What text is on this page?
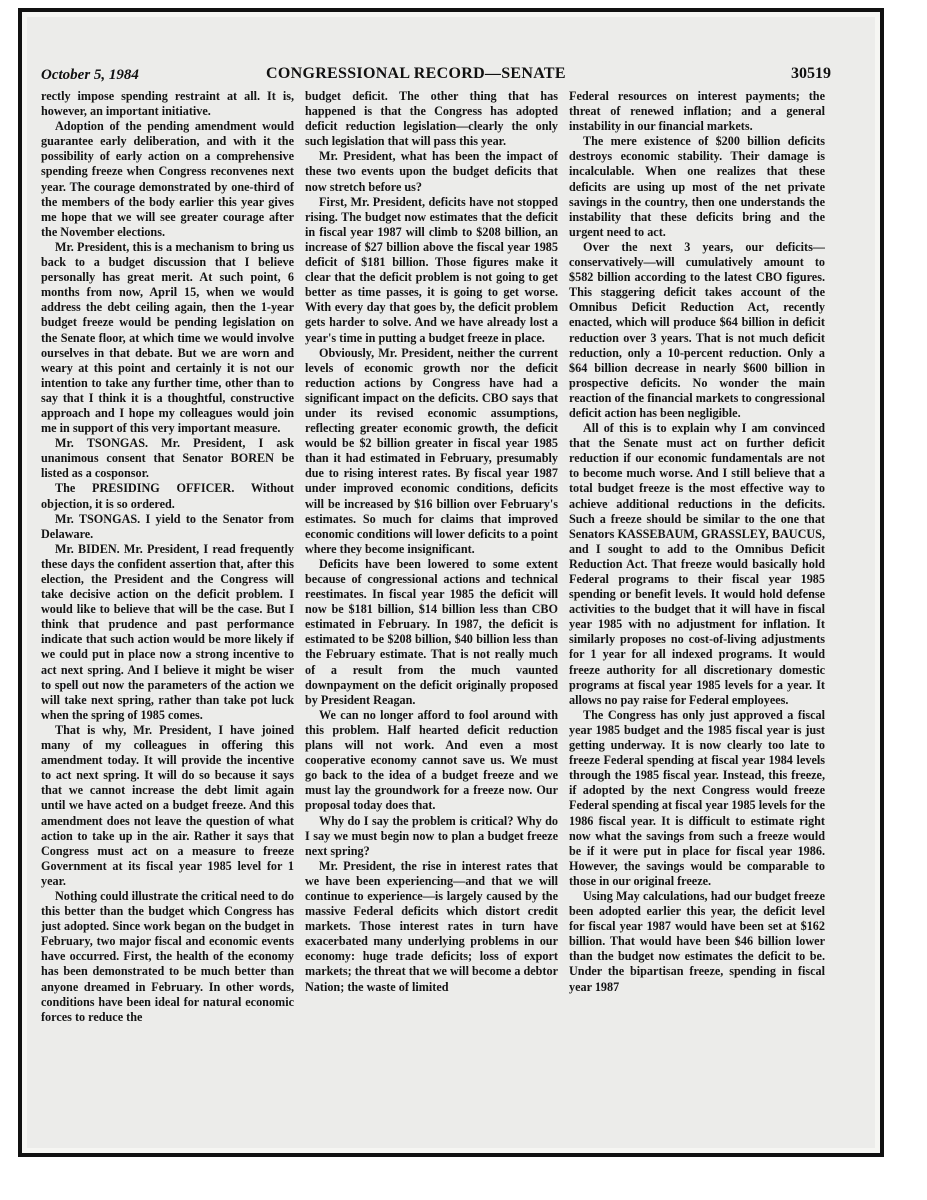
October 5, 1984	CONGRESSIONAL RECORD—SENATE	30519

rectly impose spending restraint at all. It is, however, an important initiative.

Adoption of the pending amendment would guarantee early deliberation, and with it the possibility of early action on a comprehensive spending freeze when Congress reconvenes next year. The courage demonstrated by one-third of the members of the body earlier this year gives me hope that we will see greater courage after the November elections.

Mr. President, this is a mechanism to bring us back to a budget discussion that I believe personally has great merit. At such point, 6 months from now, April 15, when we would address the debt ceiling again, then the 1-year budget freeze would be pending legislation on the Senate floor, at which time we would involve ourselves in that debate. But we are worn and weary at this point and certainly it is not our intention to take any further time, other than to say that I think it is a thoughtful, constructive approach and I hope my colleagues would join me in support of this very important measure.

Mr. TSONGAS. Mr. President, I ask unanimous consent that Senator BOREN be listed as a cosponsor.

The PRESIDING OFFICER. Without objection, it is so ordered.

Mr. TSONGAS. I yield to the Senator from Delaware.

Mr. BIDEN. Mr. President, I read frequently these days the confident assertion that, after this election, the President and the Congress will take decisive action on the deficit problem. I would like to believe that will be the case. But I think that prudence and past performance indicate that such action would be more likely if we could put in place now a strong incentive to act next spring. And I believe it might be wiser to spell out now the parameters of the action we will take next spring, rather than take pot luck when the spring of 1985 comes.

That is why, Mr. President, I have joined many of my colleagues in offering this amendment today. It will provide the incentive to act next spring. It will do so because it says that we cannot increase the debt limit again until we have acted on a budget freeze. And this amendment does not leave the question of what action to take up in the air. Rather it says that Congress must act on a measure to freeze Government at its fiscal year 1985 level for 1 year.

Nothing could illustrate the critical need to do this better than the budget which Congress has just adopted. Since work began on the budget in February, two major fiscal and economic events have occurred. First, the health of the economy has been demonstrated to be much better than anyone dreamed in February. In other words, conditions have been ideal for natural economic forces to reduce the

budget deficit. The other thing that has happened is that the Congress has adopted deficit reduction legislation—clearly the only such legislation that will pass this year.

Mr. President, what has been the impact of these two events upon the budget deficits that now stretch before us?

First, Mr. President, deficits have not stopped rising. The budget now estimates that the deficit in fiscal year 1987 will climb to $208 billion, an increase of $27 billion above the fiscal year 1985 deficit of $181 billion. Those figures make it clear that the deficit problem is not going to get better as time passes, it is going to get worse. With every day that goes by, the deficit problem gets harder to solve. And we have already lost a year's time in putting a budget freeze in place.

Obviously, Mr. President, neither the current levels of economic growth nor the deficit reduction actions by Congress have had a significant impact on the deficits. CBO says that under its revised economic assumptions, reflecting greater economic growth, the deficit would be $2 billion greater in fiscal year 1985 than it had estimated in February, presumably due to rising interest rates. By fiscal year 1987 under improved economic conditions, deficits will be increased by $16 billion over February's estimates. So much for claims that improved economic conditions will lower deficits to a point where they become insignificant.

Deficits have been lowered to some extent because of congressional actions and technical reestimates. In fiscal year 1985 the deficit will now be $181 billion, $14 billion less than CBO estimated in February. In 1987, the deficit is estimated to be $208 billion, $40 billion less than the February estimate. That is not really much of a result from the much vaunted downpayment on the deficit originally proposed by President Reagan.

We can no longer afford to fool around with this problem. Half hearted deficit reduction plans will not work. And even a most cooperative economy cannot save us. We must go back to the idea of a budget freeze and we must lay the groundwork for a freeze now. Our proposal today does that.

Why do I say the problem is critical? Why do I say we must begin now to plan a budget freeze next spring?

Mr. President, the rise in interest rates that we have been experiencing—and that we will continue to experience—is largely caused by the massive Federal deficits which distort credit markets. Those interest rates in turn have exacerbated many underlying problems in our economy: huge trade deficits; loss of export markets; the threat that we will become a debtor Nation; the waste of limited

Federal resources on interest payments; the threat of renewed inflation; and a general instability in our financial markets.

The mere existence of $200 billion deficits destroys economic stability. Their damage is incalculable. When one realizes that these deficits are using up most of the net private savings in the country, then one understands the instability that these deficits bring and the urgent need to act.

Over the next 3 years, our deficits—conservatively—will cumulatively amount to $582 billion according to the latest CBO figures. This staggering deficit takes account of the Omnibus Deficit Reduction Act, recently enacted, which will produce $64 billion in deficit reduction over 3 years. That is not much deficit reduction, only a 10-percent reduction. Only a $64 billion decrease in nearly $600 billion in prospective deficits. No wonder the main reaction of the financial markets to congressional deficit action has been negligible.

All of this is to explain why I am convinced that the Senate must act on further deficit reduction if our economic fundamentals are not to become much worse. And I still believe that a total budget freeze is the most effective way to achieve additional reductions in the deficits. Such a freeze should be similar to the one that Senators KASSEBAUM, GRASSLEY, BAUCUS, and I sought to add to the Omnibus Deficit Reduction Act. That freeze would basically hold Federal programs to their fiscal year 1985 spending or benefit levels. It would hold defense activities to the budget that it will have in fiscal year 1985 with no adjustment for inflation. It similarly proposes no cost-of-living adjustments for 1 year for all indexed programs. It would freeze authority for all discretionary domestic programs at fiscal year 1985 levels for a year. It allows no pay raise for Federal employees.

The Congress has only just approved a fiscal year 1985 budget and the 1985 fiscal year is just getting underway. It is now clearly too late to freeze Federal spending at fiscal year 1984 levels through the 1985 fiscal year. Instead, this freeze, if adopted by the next Congress would freeze Federal spending at fiscal year 1985 levels for the 1986 fiscal year. It is difficult to estimate right now what the savings from such a freeze would be if it were put in place for fiscal year 1986. However, the savings would be comparable to those in our original freeze.

Using May calculations, had our budget freeze been adopted earlier this year, the deficit level for fiscal year 1987 would have been set at $162 billion. That would have been $46 billion lower than the budget now estimates the deficit to be. Under the bipartisan freeze, spending in fiscal year 1987
